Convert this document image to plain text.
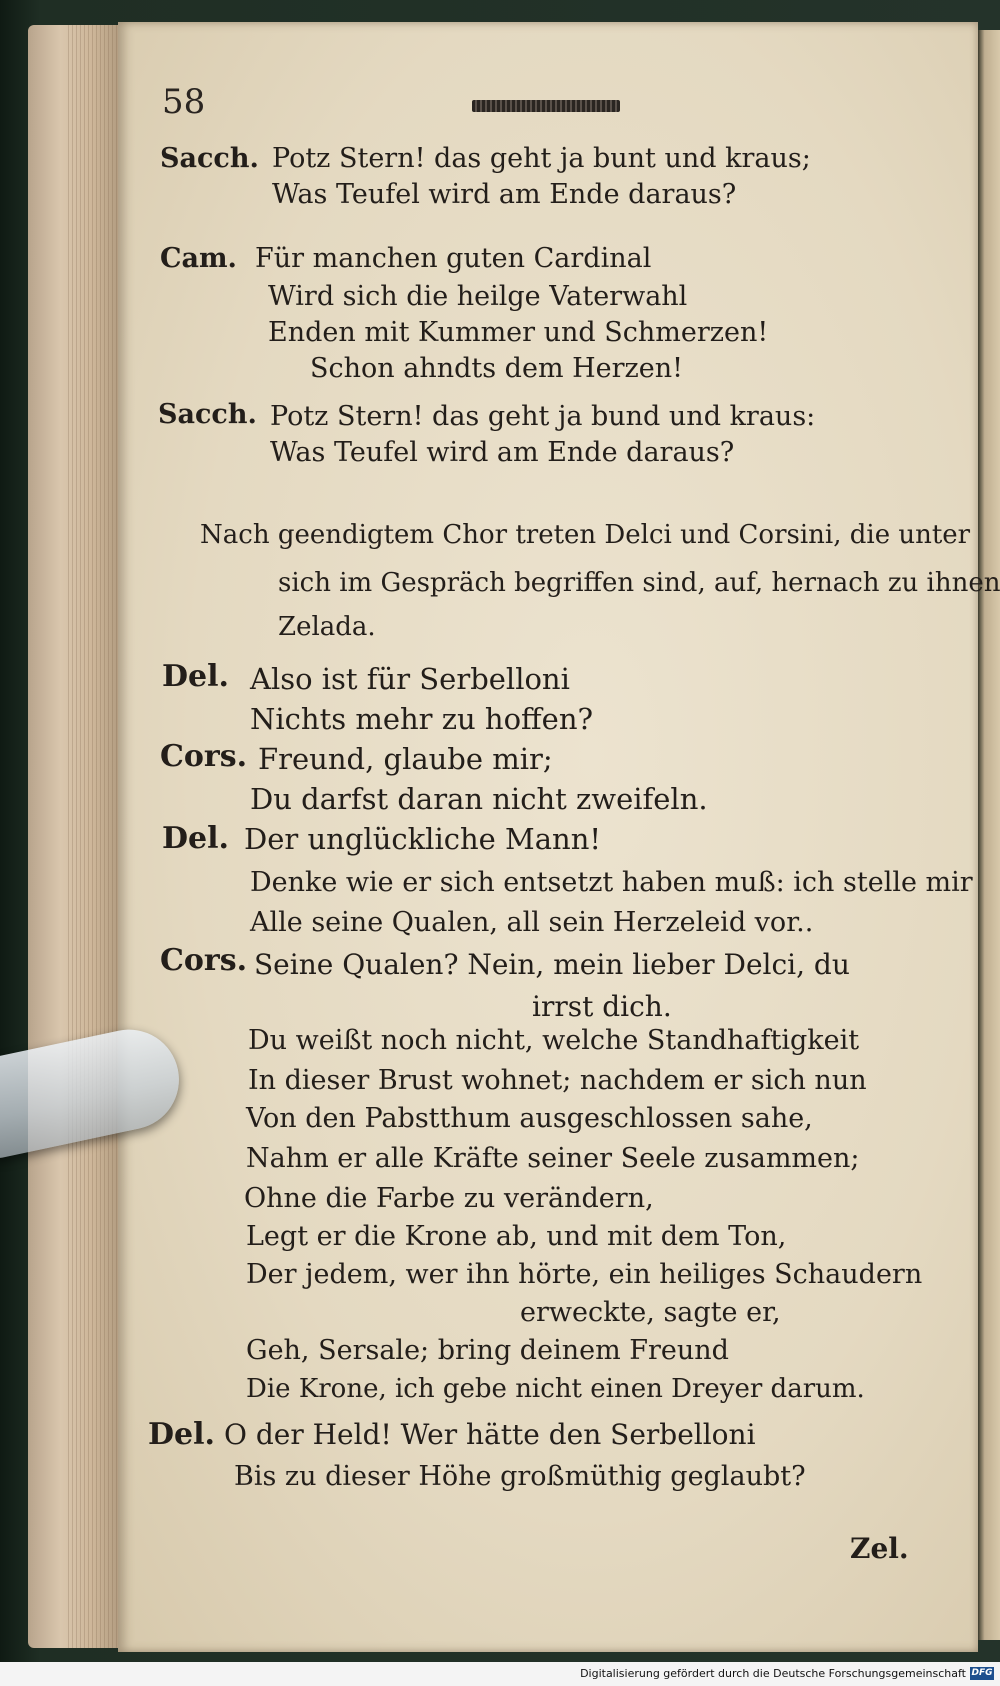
58
Sacch. Potz Stern! das geht ja bunt und kraus;
Was Teufel wird am Ende daraus?
Cam. Für manchen guten Cardinal
Wird sich die heilge Vaterwahl
Enden mit Kummer und Schmerzen!
Schon ahndts dem Herzen!
Sacch. Potz Stern! das geht ja bund und kraus:
Was Teufel wird am Ende daraus?
Nach geendigtem Chor treten Delci und Corsini, die unter
sich im Gespräch begriffen sind, auf, hernach zu ihnen
Zelada.
Del. Also ist für Serbelloni
Nichts mehr zu hoffen?
Cors. Freund, glaube mir;
Du darfst daran nicht zweifeln.
Del. Der unglückliche Mann!
Denke wie er sich entsetzt haben muß: ich stelle mir
Alle seine Qualen, all sein Herzeleid vor..
Cors. Seine Qualen? Nein, mein lieber Delci, du
irrst dich.
Du weißt noch nicht, welche Standhaftigkeit
In dieser Brust wohnet; nachdem er sich nun
Von den Pabstthum ausgeschlossen sahe,
Nahm er alle Kräfte seiner Seele zusammen;
Ohne die Farbe zu verändern,
Legt er die Krone ab, und mit dem Ton,
Der jedem, wer ihn hörte, ein heiliges Schaudern
erweckte, sagte er,
Geh, Sersale; bring deinem Freund
Die Krone, ich gebe nicht einen Dreyer darum.
Del. O der Held! Wer hätte den Serbelloni
Bis zu dieser Höhe großmüthig geglaubt?
Zel.
Digitalisierung gefördert durch die Deutsche Forschungsgemeinschaft DFG
